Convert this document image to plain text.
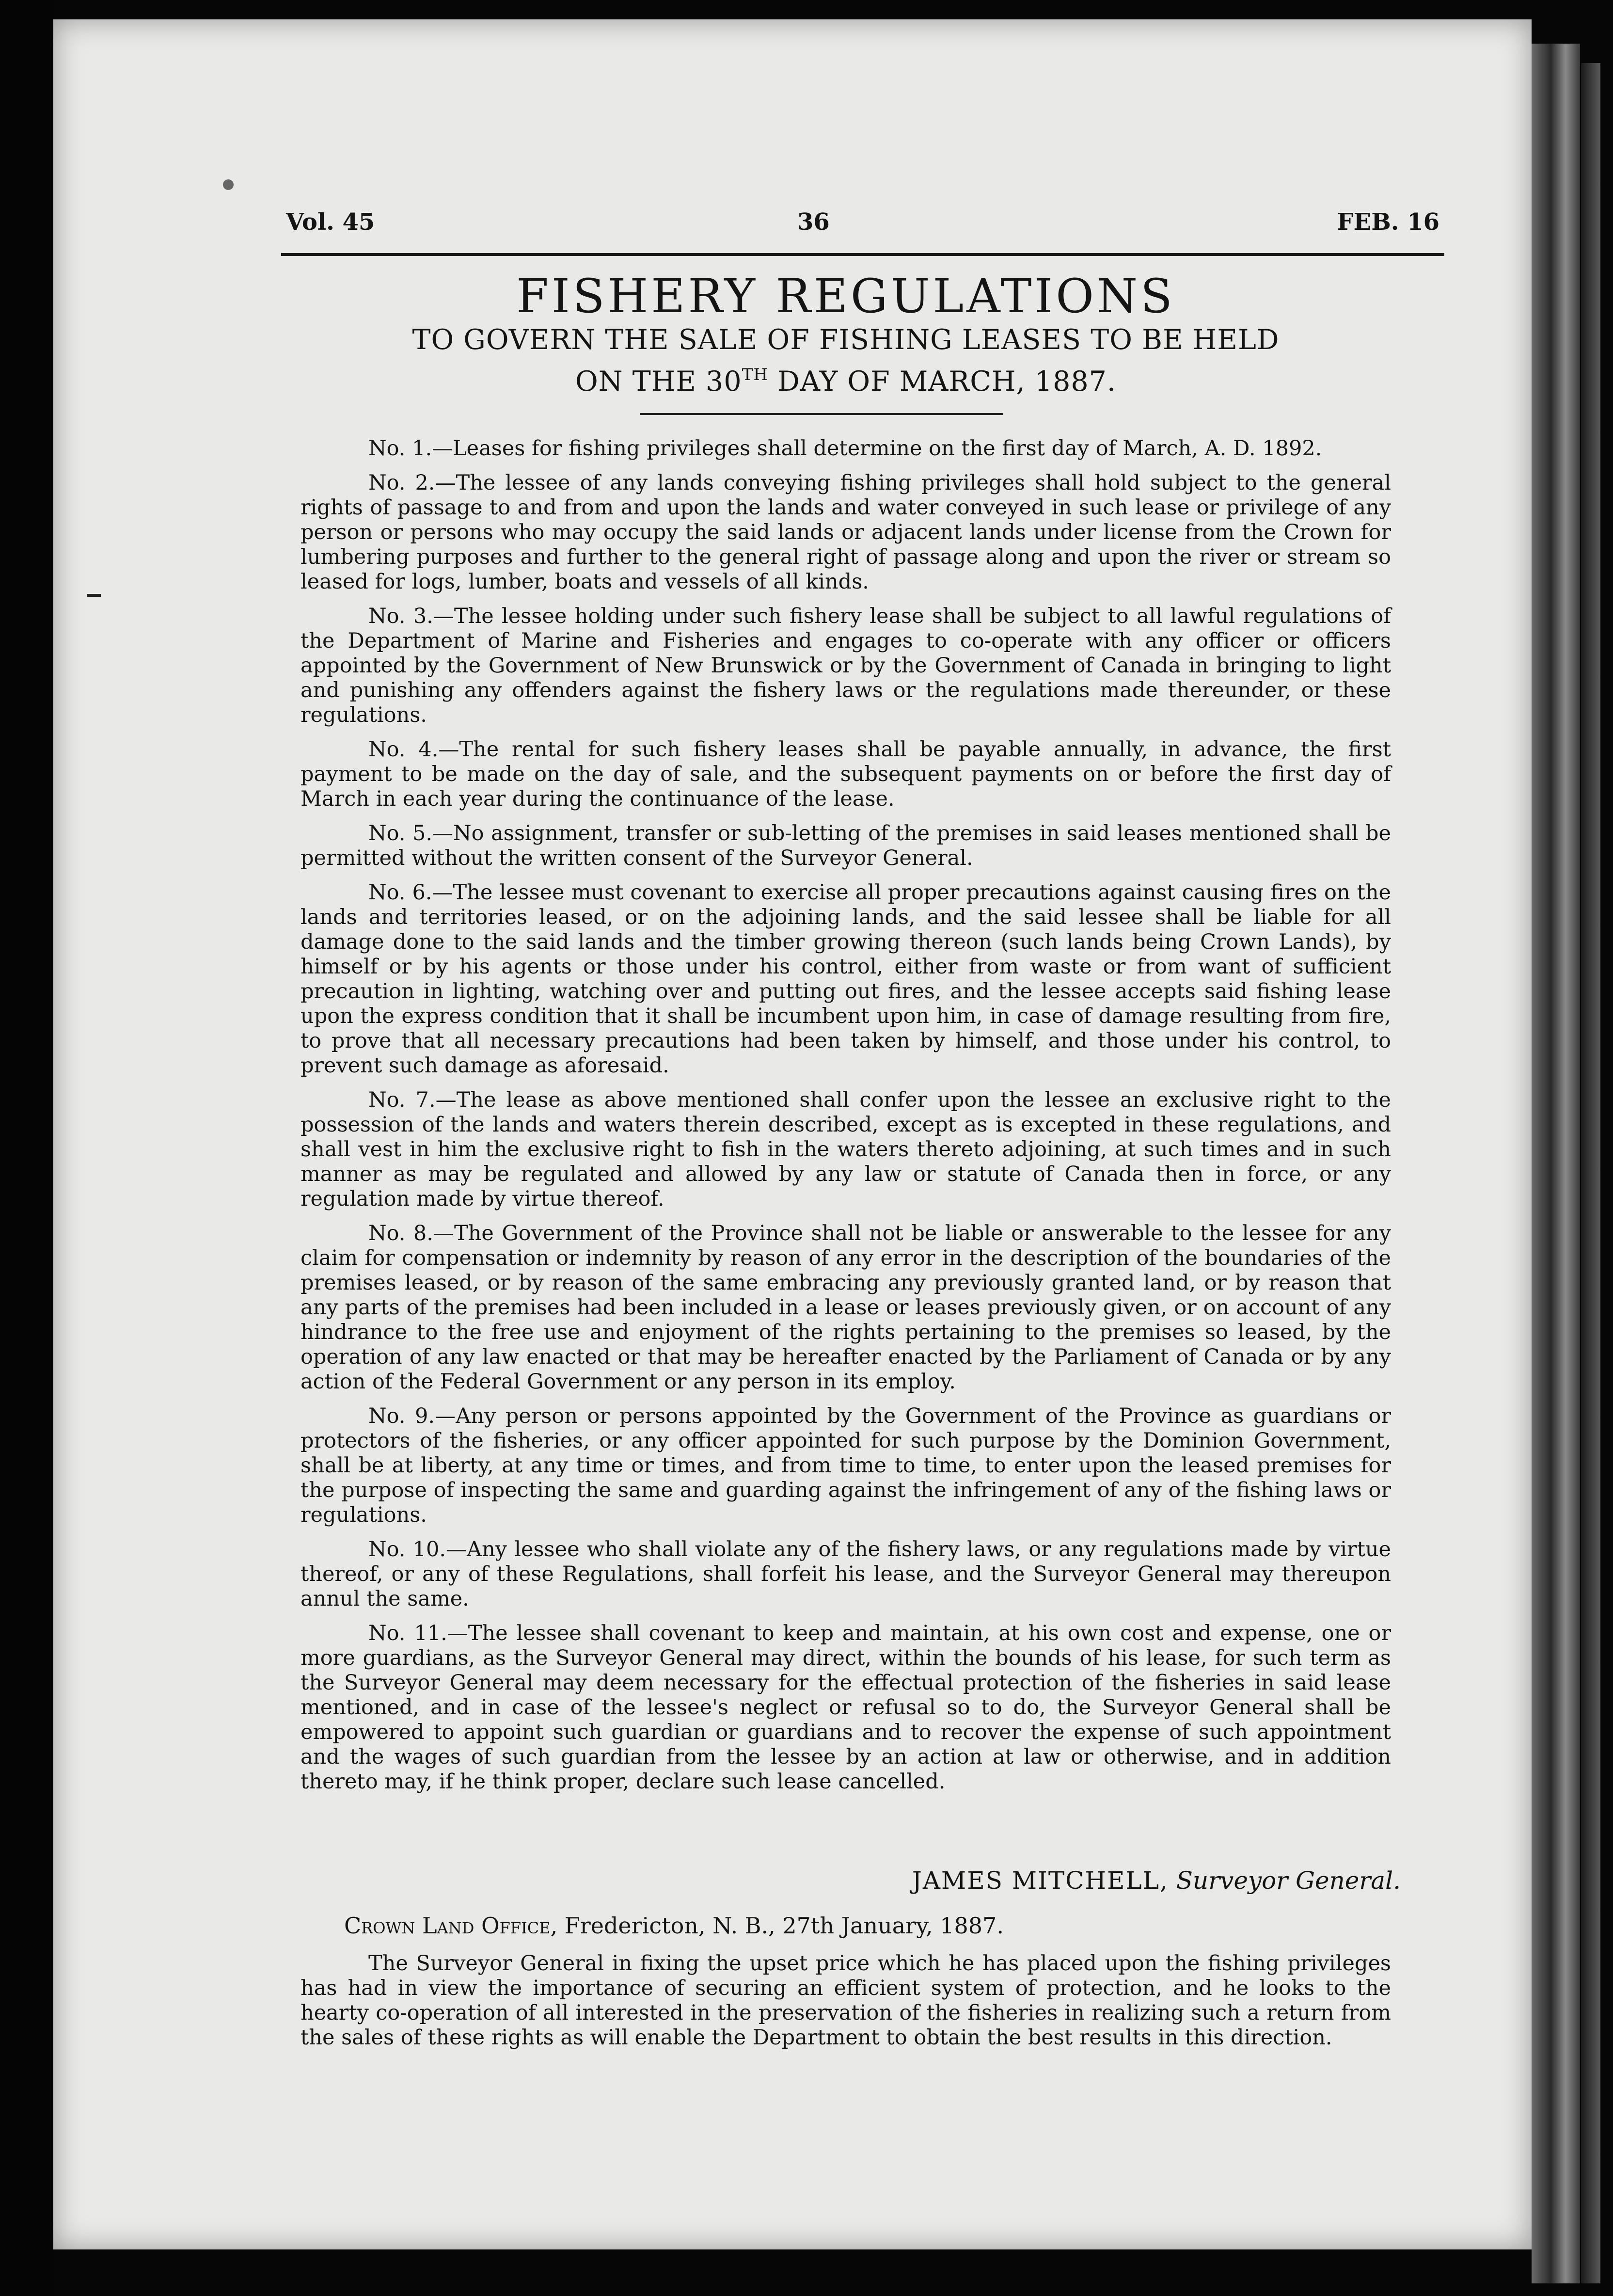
Vol. 45	36	FEB. 16
FISHERY REGULATIONS
TO GOVERN THE SALE OF FISHING LEASES TO BE HELD
ON THE 30TH DAY OF MARCH, 1887.

No. 1.—Leases for fishing privileges shall determine on the first day of March, A. D. 1892.

No. 2.—The lessee of any lands conveying fishing privileges shall hold subject to the general rights of passage to and from and upon the lands and water conveyed in such lease or privilege of any person or persons who may occupy the said lands or adjacent lands under license from the Crown for lumbering purposes and further to the general right of passage along and upon the river or stream so leased for logs, lumber, boats and vessels of all kinds.

No. 3.—The lessee holding under such fishery lease shall be subject to all lawful regulations of the Department of Marine and Fisheries and engages to co-operate with any officer or officers appointed by the Government of New Brunswick or by the Government of Canada in bringing to light and punishing any offenders against the fishery laws or the regulations made thereunder, or these regulations.

No. 4.—The rental for such fishery leases shall be payable annually, in advance, the first payment to be made on the day of sale, and the subsequent payments on or before the first day of March in each year during the continuance of the lease.

No. 5.—No assignment, transfer or sub-letting of the premises in said leases mentioned shall be permitted without the written consent of the Surveyor General.

No. 6.—The lessee must covenant to exercise all proper precautions against causing fires on the lands and territories leased, or on the adjoining lands, and the said lessee shall be liable for all damage done to the said lands and the timber growing thereon (such lands being Crown Lands), by himself or by his agents or those under his control, either from waste or from want of sufficient precaution in lighting, watching over and putting out fires, and the lessee accepts said fishing lease upon the express condition that it shall be incumbent upon him, in case of damage resulting from fire, to prove that all necessary precautions had been taken by himself, and those under his control, to prevent such damage as aforesaid.

No. 7.—The lease as above mentioned shall confer upon the lessee an exclusive right to the possession of the lands and waters therein described, except as is excepted in these regulations, and shall vest in him the exclusive right to fish in the waters thereto adjoining, at such times and in such manner as may be regulated and allowed by any law or statute of Canada then in force, or any regulation made by virtue thereof.

No. 8.—The Government of the Province shall not be liable or answerable to the lessee for any claim for compensation or indemnity by reason of any error in the description of the boundaries of the premises leased, or by reason of the same embracing any previously granted land, or by reason that any parts of the premises had been included in a lease or leases previously given, or on account of any hindrance to the free use and enjoyment of the rights pertaining to the premises so leased, by the operation of any law enacted or that may be hereafter enacted by the Parliament of Canada or by any action of the Federal Government or any person in its employ.

No. 9.—Any person or persons appointed by the Government of the Province as guardians or protectors of the fisheries, or any officer appointed for such purpose by the Dominion Government, shall be at liberty, at any time or times, and from time to time, to enter upon the leased premises for the purpose of inspecting the same and guarding against the infringement of any of the fishing laws or regulations.

No. 10.—Any lessee who shall violate any of the fishery laws, or any regulations made by virtue thereof, or any of these Regulations, shall forfeit his lease, and the Surveyor General may thereupon annul the same.

No. 11.—The lessee shall covenant to keep and maintain, at his own cost and expense, one or more guardians, as the Surveyor General may direct, within the bounds of his lease, for such term as the Surveyor General may deem necessary for the effectual protection of the fisheries in said lease mentioned, and in case of the lessee's neglect or refusal so to do, the Surveyor General shall be empowered to appoint such guardian or guardians and to recover the expense of such appointment and the wages of such guardian from the lessee by an action at law or otherwise, and in addition thereto may, if he think proper, declare such lease cancelled.

JAMES MITCHELL, Surveyor General.
Crown Land Office, Fredericton, N. B., 27th January, 1887.
The Surveyor General in fixing the upset price which he has placed upon the fishing privileges has had in view the importance of securing an efficient system of protection, and he looks to the hearty co-operation of all interested in the preservation of the fisheries in realizing such a return from the sales of these rights as will enable the Department to obtain the best results in this direction.
